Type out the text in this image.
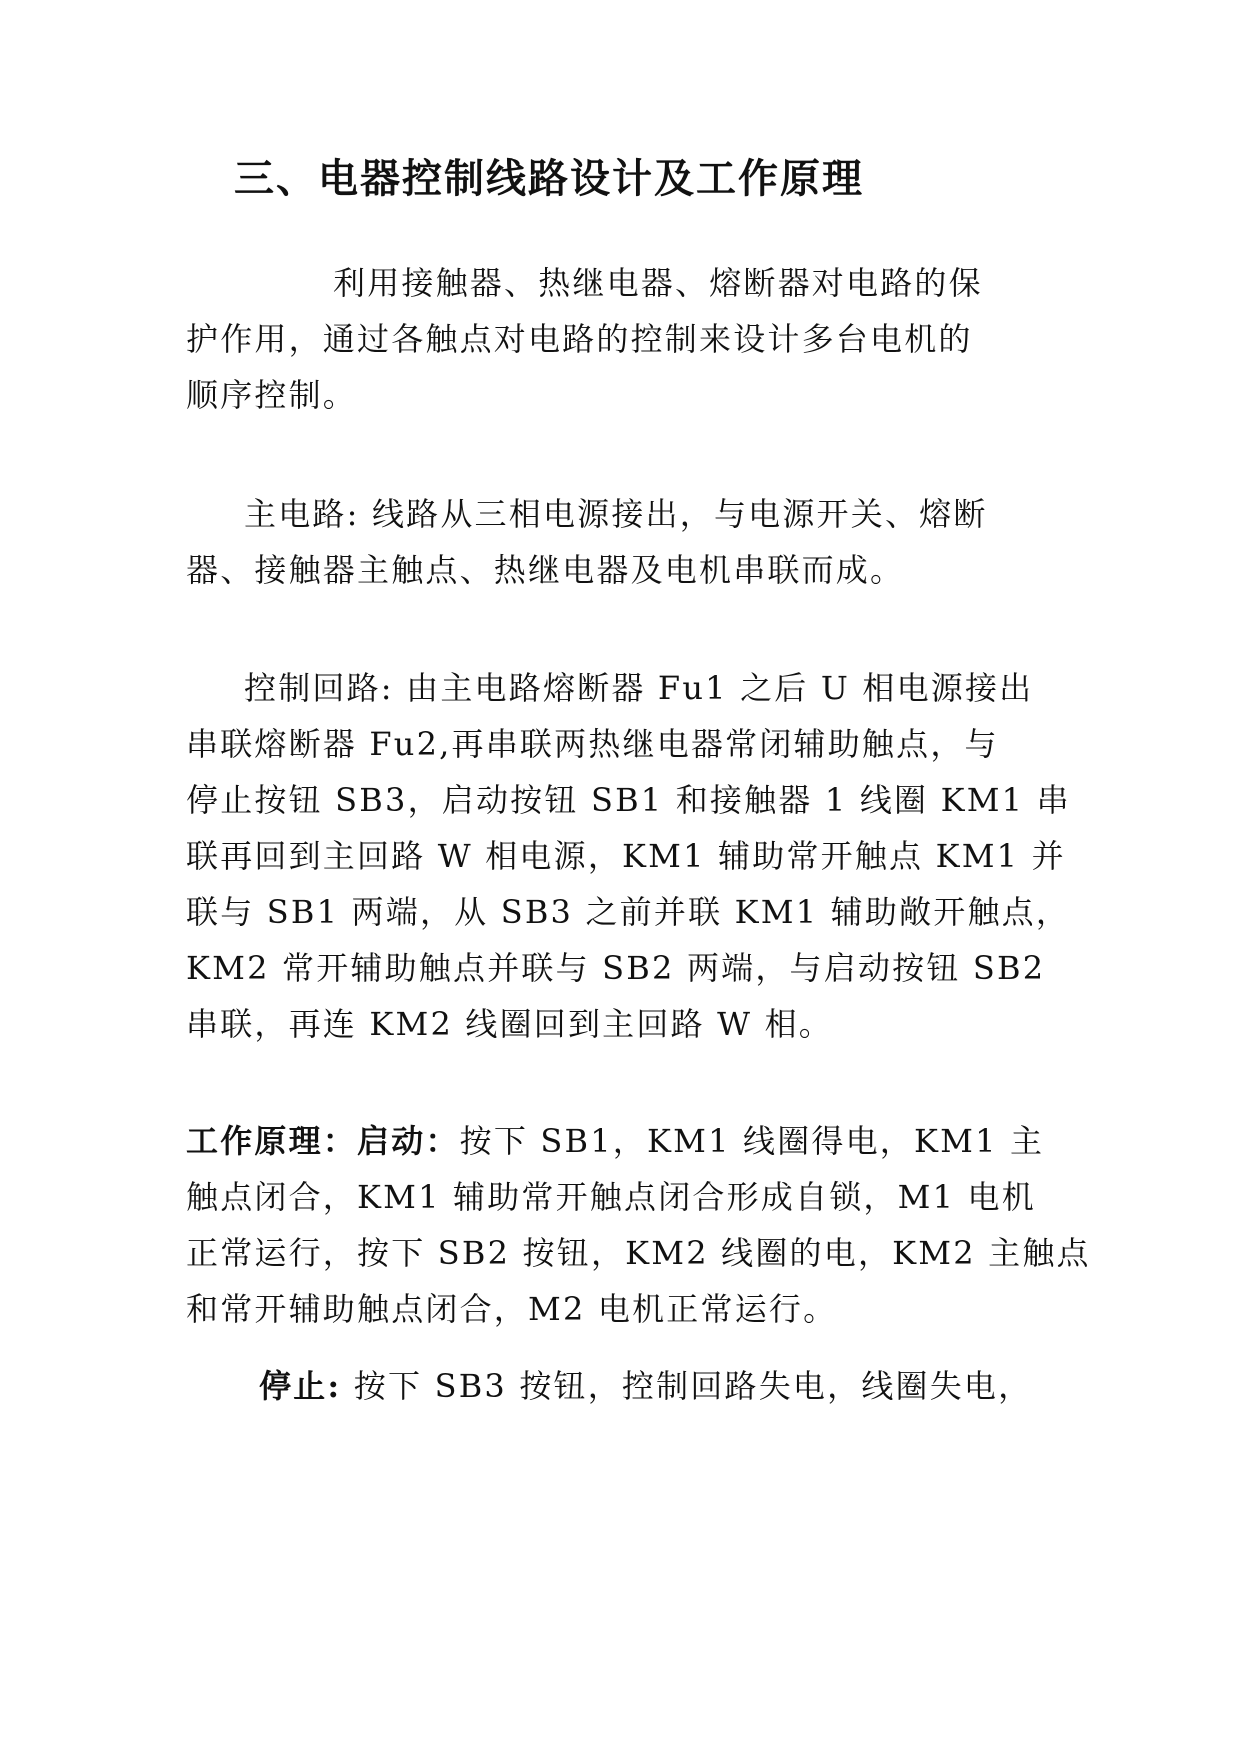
三、电器控制线路设计及工作原理
利用接触器、热继电器、熔断器对电路的保
护作用，通过各触点对电路的控制来设计多台电机的
顺序控制。
主电路: 线路从三相电源接出，与电源开关、熔断
器、接触器主触点、热继电器及电机串联而成。
控制回路: 由主电路熔断器 Fu1 之后 U 相电源接出
串联熔断器 Fu2,再串联两热继电器常闭辅助触点，与
停止按钮 SB3，启动按钮 SB1 和接触器 1 线圈 KM1 串
联再回到主回路 W 相电源，KM1 辅助常开触点 KM1 并
联与 SB1 两端，从 SB3 之前并联 KM1 辅助敞开触点，
KM2 常开辅助触点并联与 SB2 两端，与启动按钮 SB2
串联，再连 KM2 线圈回到主回路 W 相。
工作原理：启动：按下 SB1，KM1 线圈得电，KM1 主
触点闭合，KM1 辅助常开触点闭合形成自锁，M1 电机
正常运行，按下 SB2 按钮，KM2 线圈的电，KM2 主触点
和常开辅助触点闭合，M2 电机正常运行。
停止: 按下 SB3 按钮，控制回路失电，线圈失电，
